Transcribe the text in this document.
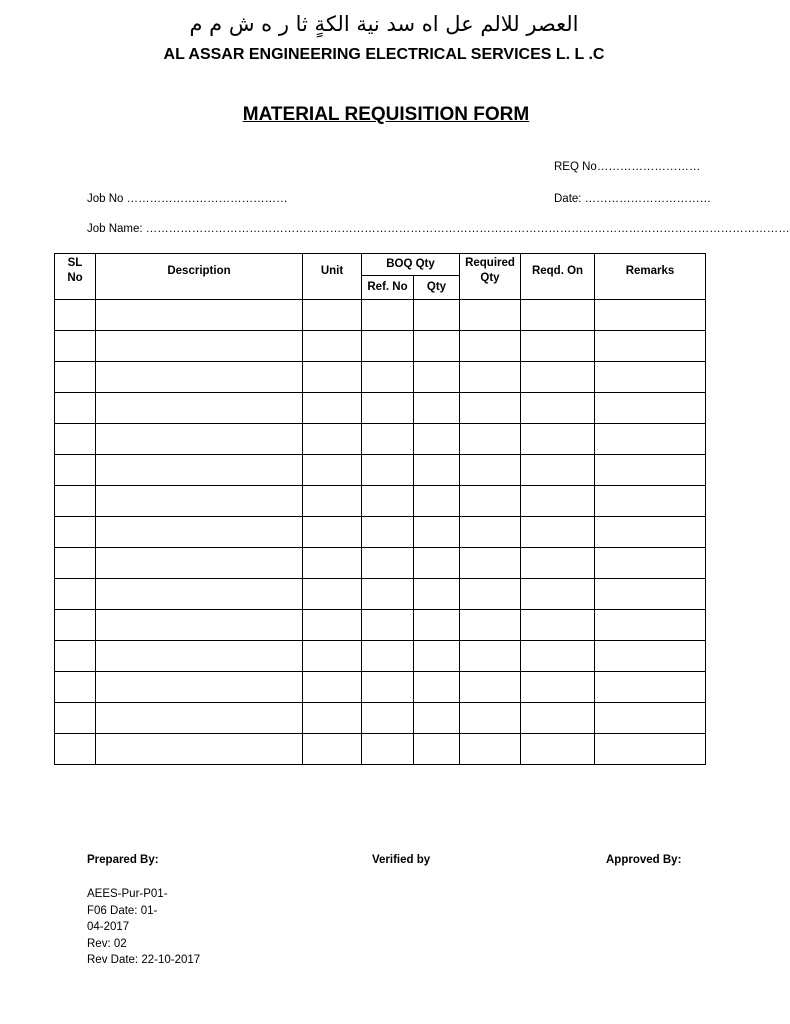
العصر للالم عل اه سد نية الكةٍ ثا ر ه ش م م
AL ASSAR ENGINEERING ELECTRICAL SERVICES L. L .C
MATERIAL REQUISITION FORM
REQ No………………………
Job No ……………………………………	Date: ……………………………
Job Name: ……………………………………………………………………………………………………………………………………………………
SL No	Description	Unit	BOQ Qty		Required Qty	Reqd. On	Remarks
			Ref. No	Qty			

Prepared By:	Verified by	Approved By:
AEES-Pur-P01-
F06 Date: 01-
04-2017
Rev: 02
Rev Date: 22-10-2017
